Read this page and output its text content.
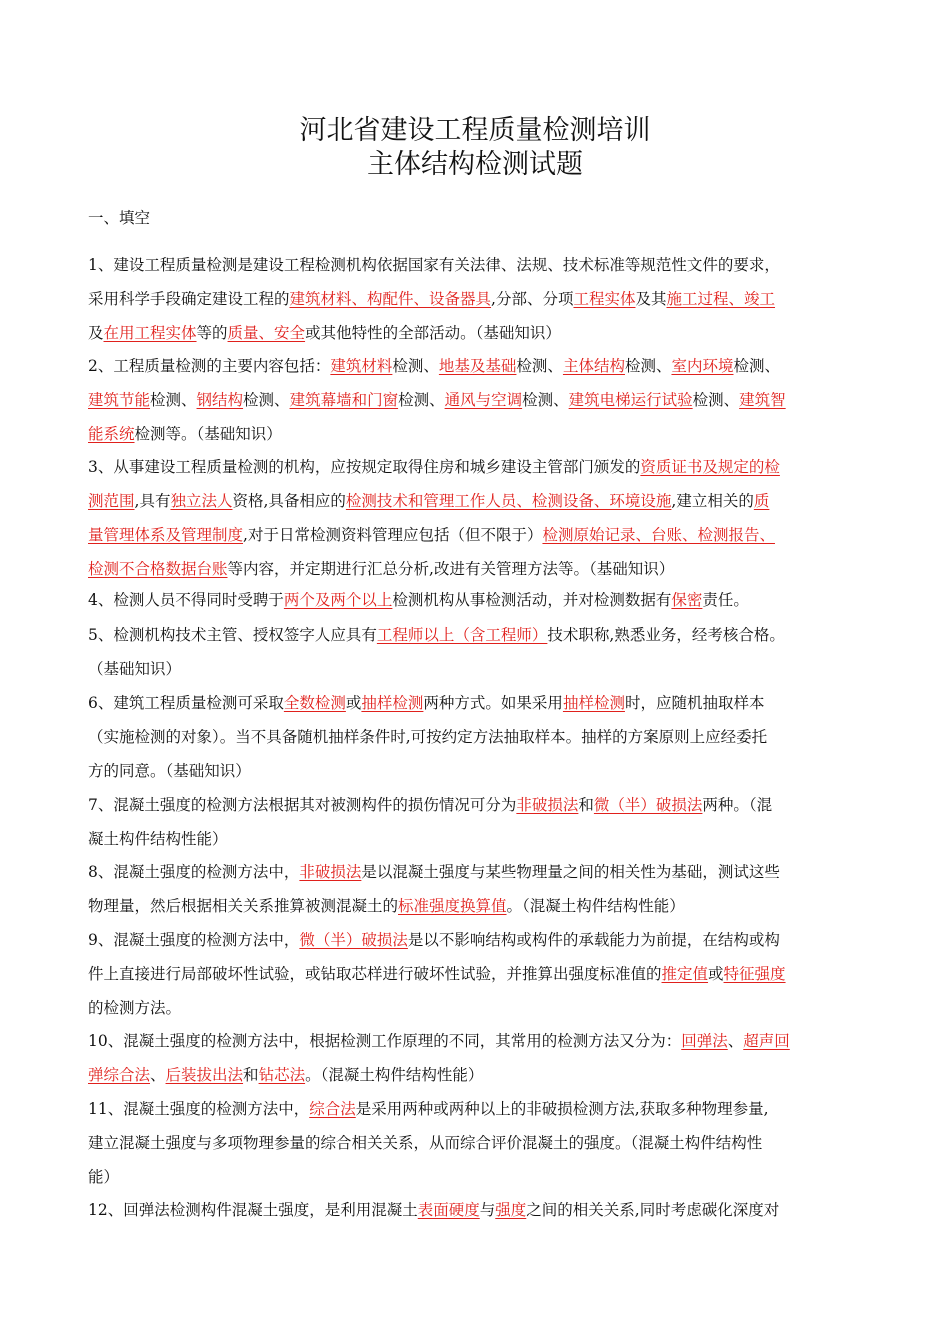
河北省建设工程质量检测培训
主体结构检测试题
一、填空
1、建设工程质量检测是建设工程检测机构依据国家有关法律、法规、技术标准等规范性文件的要求，
采用科学手段确定建设工程的建筑材料、构配件、设备器具,分部、分项工程实体及其施工过程、竣工
及在用工程实体等的质量、安全或其他特性的全部活动。（基础知识）
2、工程质量检测的主要内容包括：建筑材料检测、地基及基础检测、主体结构检测、室内环境检测、
建筑节能检测、钢结构检测、建筑幕墙和门窗检测、通风与空调检测、建筑电梯运行试验检测、建筑智
能系统检测等。（基础知识）
3、从事建设工程质量检测的机构，应按规定取得住房和城乡建设主管部门颁发的资质证书及规定的检
测范围,具有独立法人资格,具备相应的检测技术和管理工作人员、检测设备、环境设施,建立相关的质
量管理体系及管理制度,对于日常检测资料管理应包括（但不限于）检测原始记录、台账、检测报告、
检测不合格数据台账等内容，并定期进行汇总分析,改进有关管理方法等。（基础知识）
4、检测人员不得同时受聘于两个及两个以上检测机构从事检测活动，并对检测数据有保密责任。
5、检测机构技术主管、授权签字人应具有工程师以上（含工程师）技术职称,熟悉业务，经考核合格。
（基础知识）
6、建筑工程质量检测可采取全数检测或抽样检测两种方式。如果采用抽样检测时，应随机抽取样本
（实施检测的对象）。当不具备随机抽样条件时,可按约定方法抽取样本。抽样的方案原则上应经委托
方的同意。（基础知识）
7、混凝土强度的检测方法根据其对被测构件的损伤情况可分为非破损法和微（半）破损法两种。（混
凝土构件结构性能）
8、混凝土强度的检测方法中，非破损法是以混凝土强度与某些物理量之间的相关性为基础，测试这些
物理量，然后根据相关关系推算被测混凝土的标准强度换算值。（混凝土构件结构性能）
9、混凝土强度的检测方法中，微（半）破损法是以不影响结构或构件的承载能力为前提，在结构或构
件上直接进行局部破坏性试验，或钻取芯样进行破坏性试验，并推算出强度标准值的推定值或特征强度
的检测方法。
10、混凝土强度的检测方法中，根据检测工作原理的不同，其常用的检测方法又分为：回弹法、超声回
弹综合法、后装拔出法和钻芯法。（混凝土构件结构性能）
11、混凝土强度的检测方法中，综合法是采用两种或两种以上的非破损检测方法,获取多种物理参量,
建立混凝土强度与多项物理参量的综合相关关系，从而综合评价混凝土的强度。（混凝土构件结构性
能）
12、回弹法检测构件混凝土强度，是利用混凝土表面硬度与强度之间的相关关系,同时考虑碳化深度对
